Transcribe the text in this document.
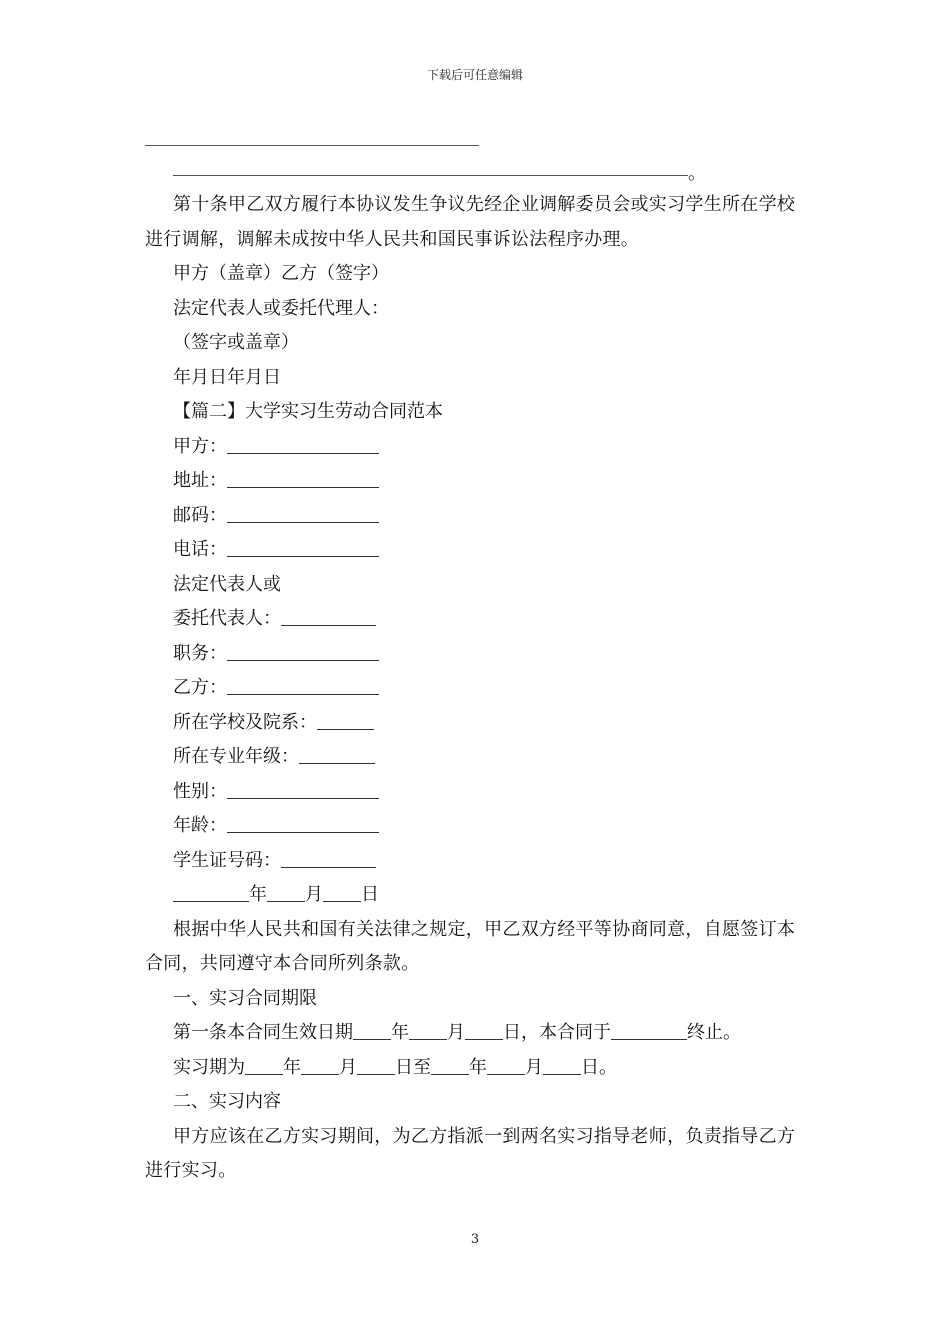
下载后可任意编辑
。

第十条甲乙双方履行本协议发生争议先经企业调解委员会或实习学生所在学校进行调解，调解未成按中华人民共和国民事诉讼法程序办理。

甲方（盖章）乙方（签字）

法定代表人或委托代理人：

（签字或盖章）

年月日年月日

【篇二】大学实习生劳动合同范本

甲方：

地址：

邮码：

电话：

法定代表人或

委托代表人：

职务：

乙方：

所在学校及院系：

所在专业年级：

性别：

年龄：

学生证号码：

年 月 日

根据中华人民共和国有关法律之规定，甲乙双方经平等协商同意，自愿签订本合同，共同遵守本合同所列条款。

一、实习合同期限

第一条本合同生效日期 年 月 日，本合同于	终止。

实习期为 年 月 日至 年 月 日。

二、实习内容

甲方应该在乙方实习期间，为乙方指派一到两名实习指导老师，负责指导乙方进行实习。

3
